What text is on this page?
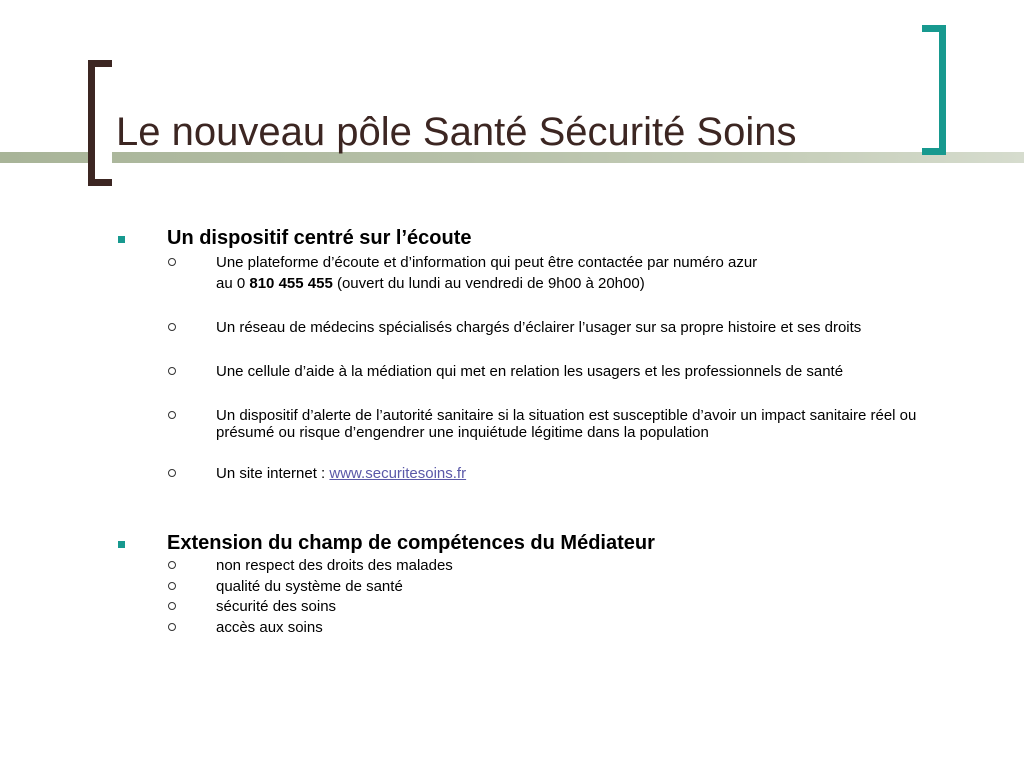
Le nouveau pôle Santé Sécurité Soins
Un dispositif centré sur l’écoute
Une plateforme d’écoute et d’information qui peut être contactée par numéro azur
au 0 810 455 455 (ouvert du lundi au vendredi de 9h00 à 20h00)
Un réseau de médecins spécialisés chargés d’éclairer l’usager sur sa propre histoire et ses droits
Une cellule d’aide à la médiation qui met en relation les usagers et les professionnels de santé
Un dispositif d’alerte de l’autorité sanitaire si la situation est susceptible d’avoir un impact sanitaire réel ou présumé ou risque d’engendrer une inquiétude légitime dans la population
Un site internet : www.securitesoins.fr
Extension du champ de compétences du Médiateur
non respect des droits des malades
qualité du système de santé
sécurité des soins
accès aux soins
